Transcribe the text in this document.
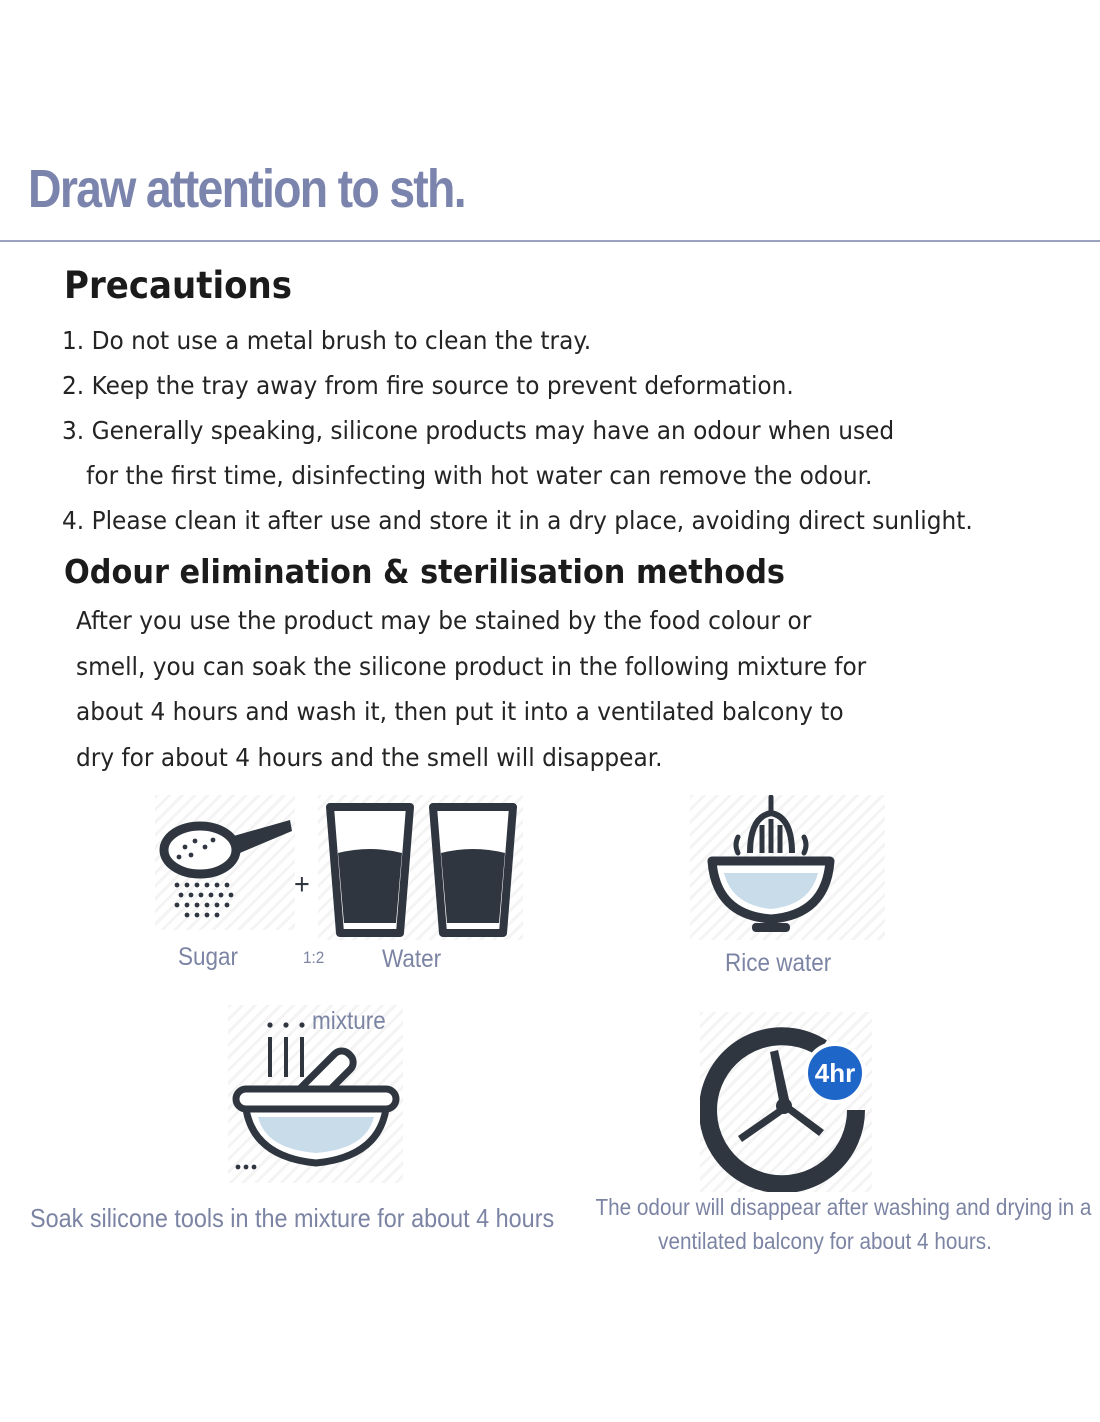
Draw attention to sth.
Precautions
1. Do not use a metal brush to clean the tray.
2. Keep the tray away from fire source to prevent deformation.
3. Generally speaking, silicone products may have an odour when used
for the first time, disinfecting with hot water can remove the odour.
4. Please clean it after use and store it in a dry place, avoiding direct sunlight.
Odour elimination & sterilisation methods
After you use the product may be stained by the food colour or
smell, you can soak the silicone product in the following mixture for
about 4 hours and wash it, then put it into a ventilated balcony to
dry for about 4 hours and the smell will disappear.
+
Sugar	1:2 Water	Rice water
mixture
4hr
Soak silicone tools in the mixture for about 4 hours The odour will disappear after washing and drying in a
ventilated balcony for about 4 hours.
